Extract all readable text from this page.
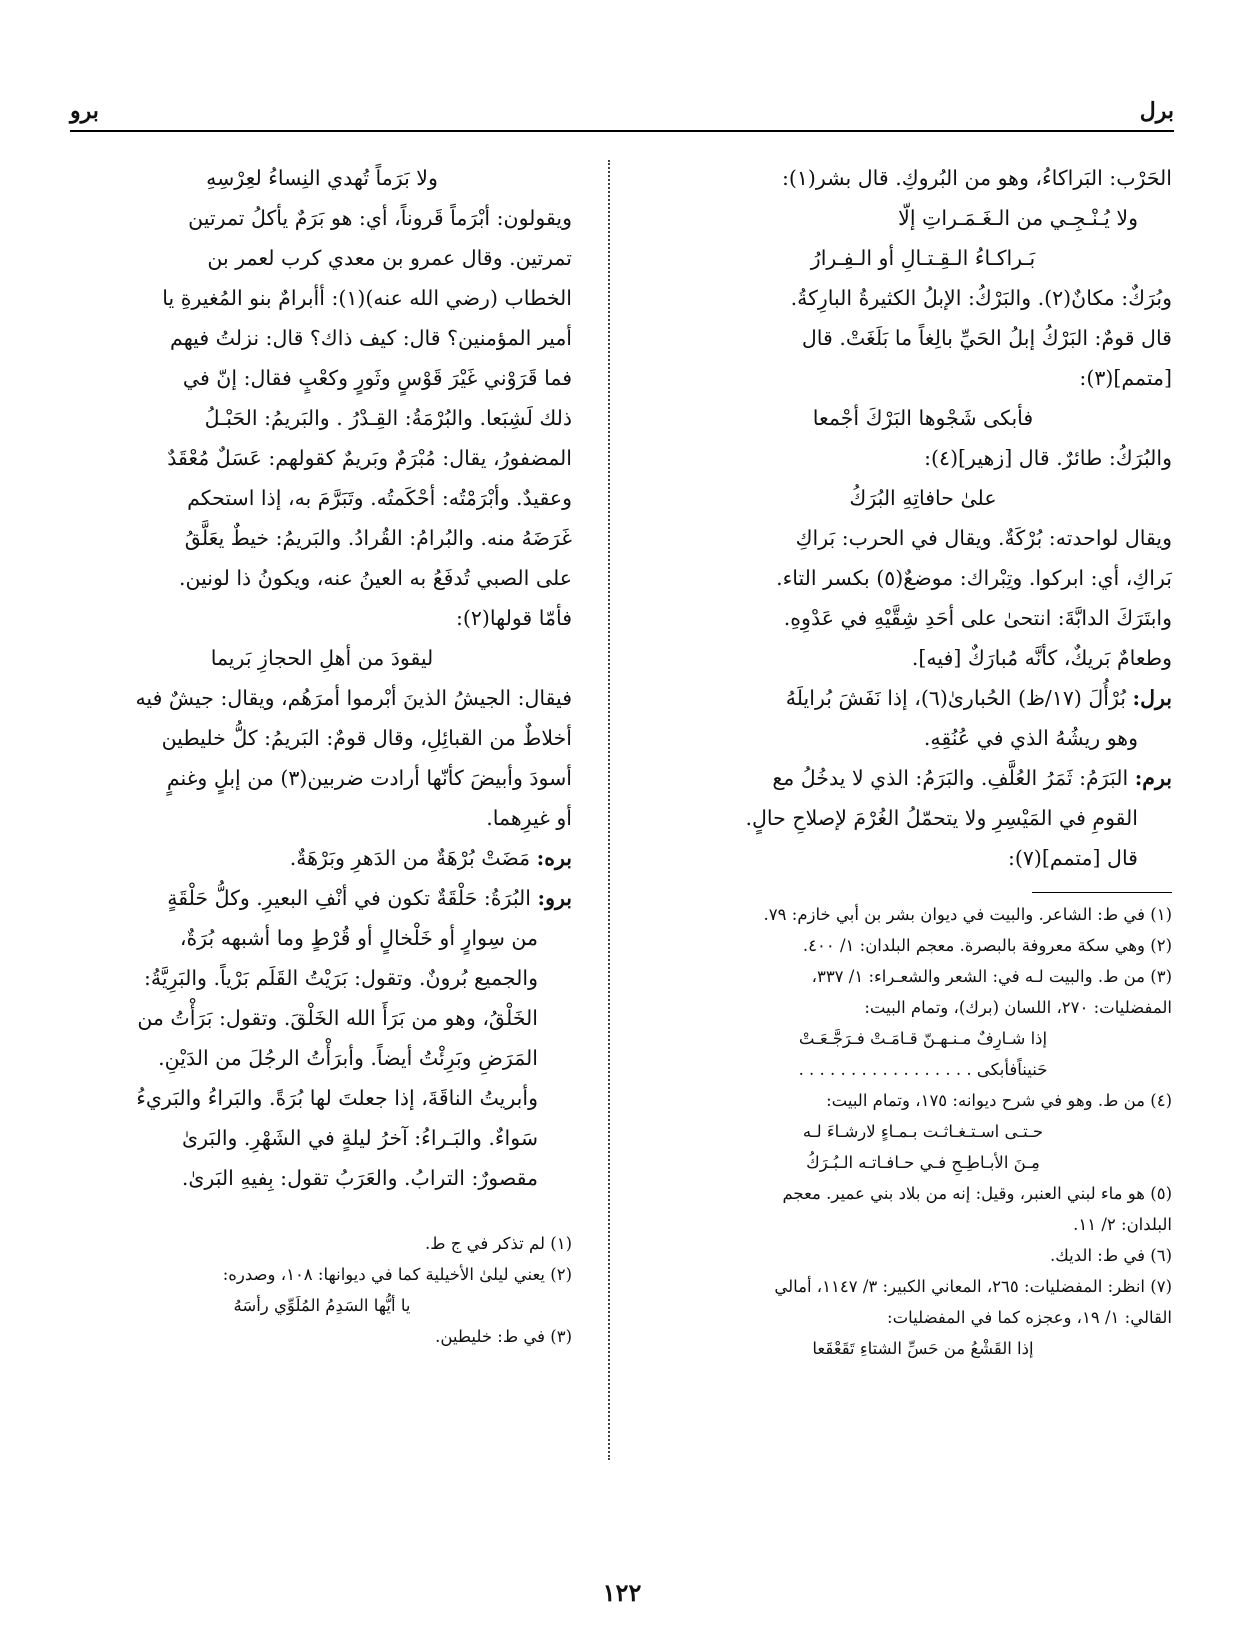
برل
برو

الحَرْب: البَراكاءُ، وهو من البُروكِ. قال بشر(١):

ولا يُـنْـجِـي من الـغَـمَـراتِ إلّا

بَـراكـاءُ الـقِـتـالِ أو الـفِـرارُ

وبُرَكٌ: مكانٌ(٢). والبَرْكُ: الإبلُ الكثيرةُ البارِكةُ.

قال قومٌ: البَرْكُ إبلُ الحَيِّ بالِغاً ما بَلَغَتْ. قال

[متمم](٣):

فأبكى شَجْوها البَرْكَ أجْمعا

والبُرَكُ: طائرٌ. قال [زهير](٤):

علىٰ حافاتِهِ البُرَكُ

ويقال لواحدته: بُرْكَةٌ. ويقال في الحرب: بَراكِ

بَراكِ، أي: ابركوا. وتِبْراك: موضعٌ(٥) بكسر التاء.

وابتَرَكَ الدابَّةَ: انتحىٰ على أحَدِ شِقَّيْهِ في عَدْوِهِ.

وطعامٌ بَريكٌ، كأنَّه مُبارَكٌ [فيه].

برل: بُرْأُلَ (١٧/ظ) الحُبارىٰ(٦)، إذا نَفَشَ بُرايلَهُ

وهو ريشُهُ الذي في عُنُقِهِ.

برم: البَرَمُ: ثَمَرُ العُلَّفِ. والبَرَمُ: الذي لا يدخُلُ مع

القومِ في المَيْسِرِ ولا يتحمّلُ الغُرْمَ لإصلاحِ حالٍ.

قال [متمم](٧):

(١) في ط: الشاعر. والبيت في ديوان بشر بن أبي خازم: ٧٩.

(٢) وهي سكة معروفة بالبصرة. معجم البلدان: ١/ ٤٠٠.

(٣) من ط. والبيت لـه في: الشعر والشعـراء: ١/ ٣٣٧،

المفضليات: ٢٧٠، اللسان (برك)، وتمام البيت:

إذا شـارِفٌ مـنـهـنّ قـامَـتْ فـرَجَّـعَـتْ

حَنيناًفأبكى . . . . . . . . . . . . . . . . .

(٤) من ط. وهو في شرح ديوانه: ١٧٥، وتمام البيت:

حـتـى اسـتـغـاثـت بـمـاءٍ لارشـاءَ لـه

مِـنَ الأبـاطِـحِ فـي حـافـاتـه الـبُـرَكُ

(٥) هو ماء لبني العنبر، وقيل: إنه من بلاد بني عمير. معجم

البلدان: ٢/ ١١.

(٦) في ط: الديك.

(٧) انظر: المفضليات: ٢٦٥، المعاني الكبير: ٣/ ١١٤٧، أمالي

القالي: ١/ ١٩، وعجزه كما في المفضليات:

إذا القَشْعُ من حَسِّ الشتاءِ تَقَعْقَعا

ولا بَرَماً تُهدي النِساءُ لعِرْسِهِ

ويقولون: أبْرَماً قَروناً، أي: هو بَرَمٌ يأكلُ تمرتين

تمرتين. وقال عمرو بن معدي كرب لعمر بن

الخطاب (رضي الله عنه)(١): أأبرامٌ بنو المُغيرةِ يا

أمير المؤمنين؟ قال: كيف ذاك؟ قال: نزلتُ فيهم

فما قَرَوْني غَيْرَ قَوْسٍ وثَورٍ وكعْبٍ فقال: إنّ في

ذلك لَشِبَعا. والبُرْمَةُ: القِـدْرُ . والبَريمُ: الحَبْـلُ

المضفورُ، يقال: مُبْرَمٌ وبَريمٌ كقولهم: عَسَلٌ مُعْقَدٌ

وعقيدٌ. وأبْرَمْتُه: أحْكَمتُه. وتَبَرَّمَ به، إذا استحكم

غَرَضَهُ منه. والبُرامُ: القُرادُ. والبَريمُ: خيطٌ يعَلَّقُ

على الصبي تُدفَعُ به العينُ عنه، ويكونُ ذا لونين.

فأمّا قولها(٢):

ليقودَ من أهلِ الحجازِ بَريما

فيقال: الجيشُ الذينَ أبْرموا أمرَهُم، ويقال: جيشٌ فيه

أخلاطٌ من القبائِلِ، وقال قومٌ: البَريمُ: كلُّ خليطين

أسودَ وأبيضَ كأنّها أرادت ضربين(٣) من إبلٍ وغنمٍ

أو غيرِهما.

بره: مَضَتْ بُرْهَةٌ من الدَهرِ وبَرْهَةٌ.

برو: البُرَةُ: حَلْقَةٌ تكون في أنْفِ البعيرِ. وكلُّ حَلْقَةٍ

من سِوارٍ أو خَلْخالٍ أو قُرْطٍ وما أشبهه بُرَةٌ،

والجميع بُرونٌ. وتقول: بَرَيْتُ القَلَم بَرْياً. والبَرِيَّةُ:

الخَلْقُ، وهو من بَرَأَ الله الخَلْقَ. وتقول: بَرَأْتُ من

المَرَضِ وبَرِئْتُ أيضاً. وأبرَأْتُ الرجُلَ من الدَيْنِ.

وأبريتُ الناقَةَ، إذا جعلتَ لها بُرَةً. والبَراءُ والبَريءُ

سَواءٌ. والبَـراءُ: آخرُ ليلةٍ في الشَهْرِ. والبَرىٰ

مقصورٌ: الترابُ. والعَرَبُ تقول: بِفيهِ البَرىٰ.

(١) لم تذكر في ج ط.

(٢) يعني ليلىٰ الأخيلية كما في ديوانها: ١٠٨، وصدره:

يا أيُّها السَدِمُ المُلَوِّي رأسَهُ

(٣) في ط: خليطين.

١٢٢
